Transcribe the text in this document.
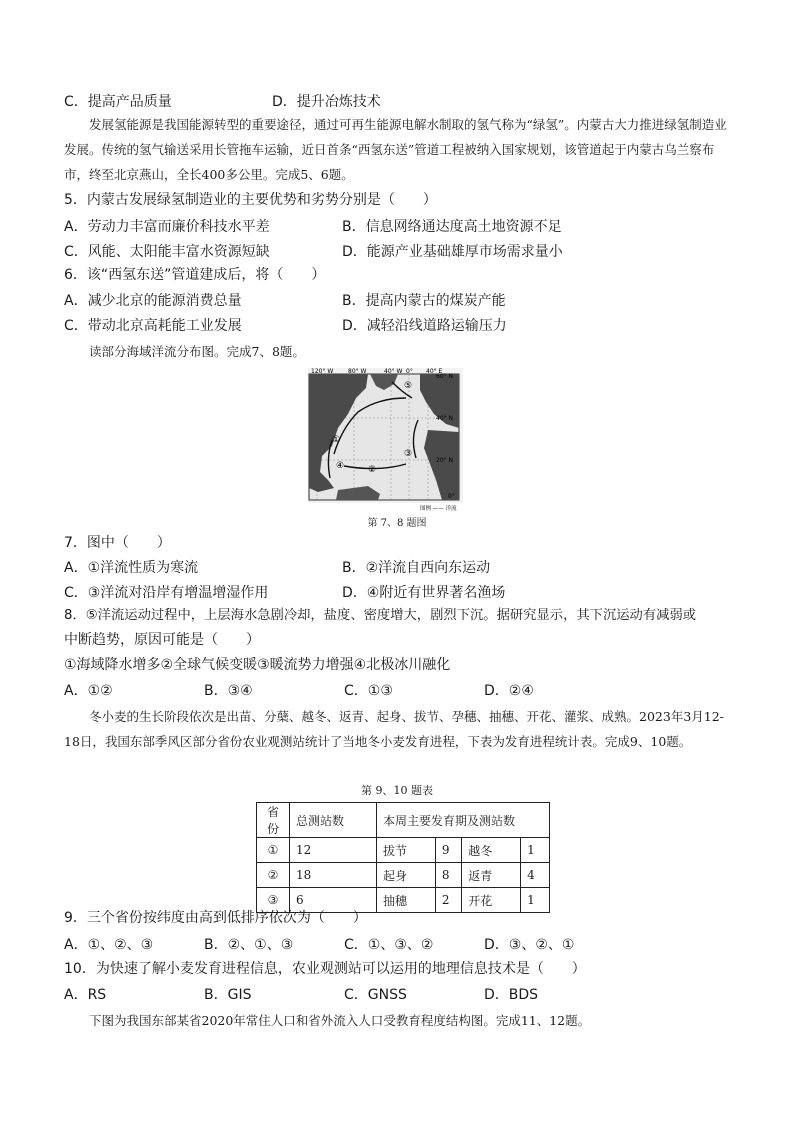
C．提高产品质量	D．提升冶炼技术
发展氢能源是我国能源转型的重要途径，通过可再生能源电解水制取的氢气称为“绿氢”。内蒙古大力推进绿氢制造业发展。传统的氢气输送采用长管拖车运输，近日首条“西氢东送”管道工程被纳入国家规划，该管道起于内蒙古乌兰察布市，终至北京燕山，全长400多公里。完成5、6题。
5．内蒙古发展绿氢制造业的主要优势和劣势分别是（　　）
A．劳动力丰富而廉价科技水平差	B．信息网络通达度高土地资源不足
C．风能、太阳能丰富水资源短缺	D．能源产业基础雄厚市场需求量小
6．该“西氢东送”管道建成后，将（　　）
A．减少北京的能源消费总量	B．提高内蒙古的煤炭产能
C．带动北京高耗能工业发展	D．减轻沿线道路运输压力
读部分海域洋流分布图。完成7、8题。
120° W 80° W	40° W 0° 40° E
60° N
40° N
20° N
0°
①
②
③
④
⑤
图例 —— 洋流
第 7、8 题图
7．图中（　　）
A．①洋流性质为寒流	B．②洋流自西向东运动
C．③洋流对沿岸有增温增湿作用	D．④附近有世界著名渔场
8．⑤洋流运动过程中，上层海水急剧冷却，盐度、密度增大，剧烈下沉。据研究显示，其下沉运动有减弱或
中断趋势，原因可能是（　　）
①海域降水增多②全球气候变暖③暖流势力增强④北极冰川融化
A．①②	B．③④	C．①③	D．②④
冬小麦的生长阶段依次是出苗、分蘖、越冬、返青、起身、拔节、孕穗、抽穗、开花、灌浆、成熟。2023年3月12-18日，我国东部季风区部分省份农业观测站统计了当地冬小麦发育进程，下表为发育进程统计表。完成9、10题。
第 9、10 题表
省份	总测站数	本周主要发育期及测站数			
①	12	拔节	9	越冬	1
②	18	起身	8	返青	4
③	6	抽穗	2	开花	1
9．三个省份按纬度由高到低排序依次为（　　）
A．①、②、③	B．②、①、③	C．①、③、②	D．③、②、①
10．为快速了解小麦发育进程信息，农业观测站可以运用的地理信息技术是（　　）
A．RS	B．GIS	C．GNSS	D．BDS
下图为我国东部某省2020年常住人口和省外流入人口受教育程度结构图。完成11、12题。
